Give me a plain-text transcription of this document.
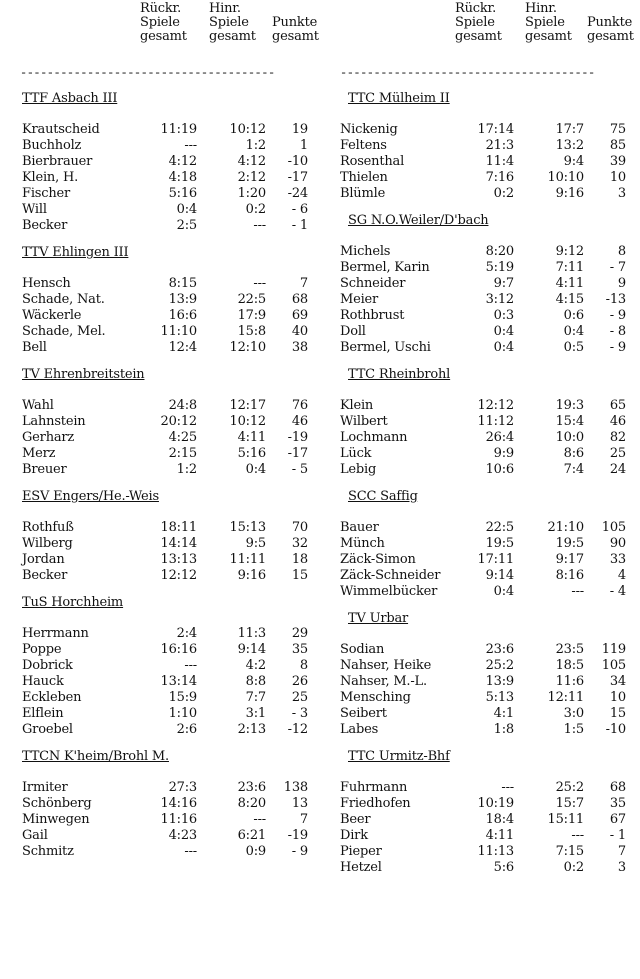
Rückr.
Spiele
gesamt
Hinr.
Spiele
gesamt
Punkte
gesamt
--------------------------------------
TTF Asbach III
Krautscheid	11:19	10:12 19
Buchholz	---	1:2	1
Bierbrauer	4:12	4:12 -10
Klein, H.	4:18	2:12 -17
Fischer	5:16	1:20 -24
Will	0:4	0:2 - 6
Becker	2:5	--- - 1
TTV Ehlingen III
Hensch	8:15	---	7
Schade, Nat.	13:9	22:5 68
Wäckerle	16:6	17:9 69
Schade, Mel.	11:10	15:8 40
Bell	12:4	12:10 38
TV Ehrenbreitstein
Wahl	24:8	12:17 76
Lahnstein	20:12	10:12 46
Gerharz	4:25	4:11 -19
Merz	2:15	5:16 -17
Breuer	1:2	0:4 - 5
ESV Engers/He.-Weis
Rothfuß	18:11	15:13 70
Wilberg	14:14	9:5 32
Jordan	13:13	11:11 18
Becker	12:12	9:16 15
TuS Horchheim
Herrmann	2:4	11:3 29
Poppe	16:16	9:14 35
Dobrick	---	4:2	8
Hauck	13:14	8:8 26
Eckleben	15:9	7:7 25
Elflein	1:10	3:1 - 3
Groebel	2:6	2:13 -12
TTCN K'heim/Brohl M.
Irmiter	27:3	23:6 138
Schönberg	14:16	8:20 13
Minwegen	11:16	---	7
Gail	4:23	6:21 -19
Schmitz	---	0:9 - 9
Rückr.
Spiele
gesamt
Hinr.
Spiele
gesamt
Punkte
gesamt
--------------------------------------
TTC Mülheim II
Nickenig	17:14	17:7 75
Feltens	21:3	13:2 85
Rosenthal	11:4	9:4 39
Thielen	7:16	10:10 10
Blümle	0:2	9:16	3
SG N.O.Weiler/D'bach
Michels	8:20	9:12	8
Bermel, Karin	5:19	7:11 - 7
Schneider	9:7	4:11	9
Meier	3:12	4:15 -13
Rothbrust	0:3	0:6 - 9
Doll	0:4	0:4 - 8
Bermel, Uschi	0:4	0:5 - 9
TTC Rheinbrohl
Klein	12:12	19:3 65
Wilbert	11:12	15:4 46
Lochmann	26:4	10:0 82
Lück	9:9	8:6 25
Lebig	10:6	7:4 24
SCC Saffig
Bauer	22:5	21:10 105
Münch	19:5	19:5 90
Zäck-Simon	17:11	9:17 33
Zäck-Schneider	9:14	8:16	4
Wimmelbücker	0:4	--- - 4
TV Urbar
Sodian	23:6	23:5 119
Nahser, Heike	25:2	18:5 105
Nahser, M.-L.	13:9	11:6 34
Mensching	5:13	12:11 10
Seibert	4:1	3:0 15
Labes	1:8	1:5 -10
TTC Urmitz-Bhf
Fuhrmann	---	25:2 68
Friedhofen	10:19	15:7 35
Beer	18:4	15:11 67
Dirk	4:11	--- - 1
Pieper	11:13	7:15	7
Hetzel	5:6	0:2	3
